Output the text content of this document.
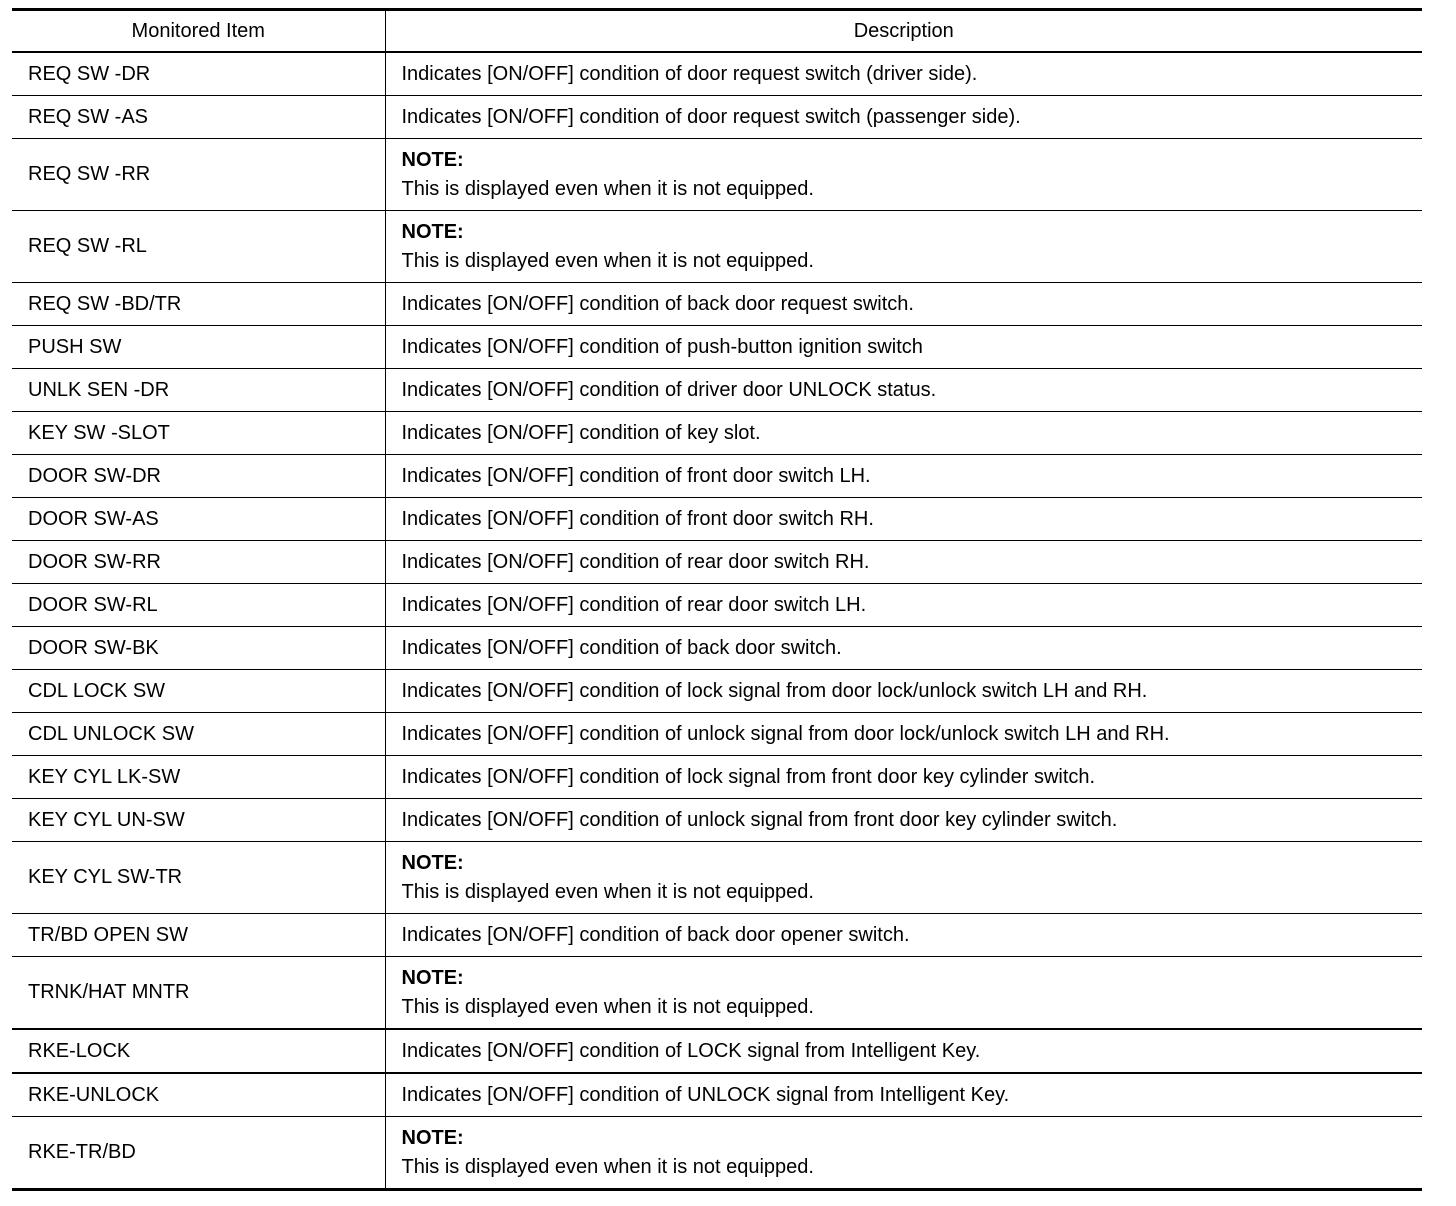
Monitored Item	Description
REQ SW -DR	Indicates [ON/OFF] condition of door request switch (driver side).
REQ SW -AS	Indicates [ON/OFF] condition of door request switch (passenger side).
REQ SW -RR	NOTE:
This is displayed even when it is not equipped.

REQ SW -RL	NOTE:
This is displayed even when it is not equipped.

REQ SW -BD/TR	Indicates [ON/OFF] condition of back door request switch.
PUSH SW	Indicates [ON/OFF] condition of push-button ignition switch
UNLK SEN -DR	Indicates [ON/OFF] condition of driver door UNLOCK status.
KEY SW -SLOT	Indicates [ON/OFF] condition of key slot.
DOOR SW-DR	Indicates [ON/OFF] condition of front door switch LH.
DOOR SW-AS	Indicates [ON/OFF] condition of front door switch RH.
DOOR SW-RR	Indicates [ON/OFF] condition of rear door switch RH.
DOOR SW-RL	Indicates [ON/OFF] condition of rear door switch LH.
DOOR SW-BK	Indicates [ON/OFF] condition of back door switch.
CDL LOCK SW	Indicates [ON/OFF] condition of lock signal from door lock/unlock switch LH and RH.
CDL UNLOCK SW	Indicates [ON/OFF] condition of unlock signal from door lock/unlock switch LH and RH.
KEY CYL LK-SW	Indicates [ON/OFF] condition of lock signal from front door key cylinder switch.
KEY CYL UN-SW	Indicates [ON/OFF] condition of unlock signal from front door key cylinder switch.
KEY CYL SW-TR	NOTE:
This is displayed even when it is not equipped.

TR/BD OPEN SW	Indicates [ON/OFF] condition of back door opener switch.
TRNK/HAT MNTR	NOTE:
This is displayed even when it is not equipped.

RKE-LOCK	Indicates [ON/OFF] condition of LOCK signal from Intelligent Key.
RKE-UNLOCK	Indicates [ON/OFF] condition of UNLOCK signal from Intelligent Key.
RKE-TR/BD	NOTE:
This is displayed even when it is not equipped.
